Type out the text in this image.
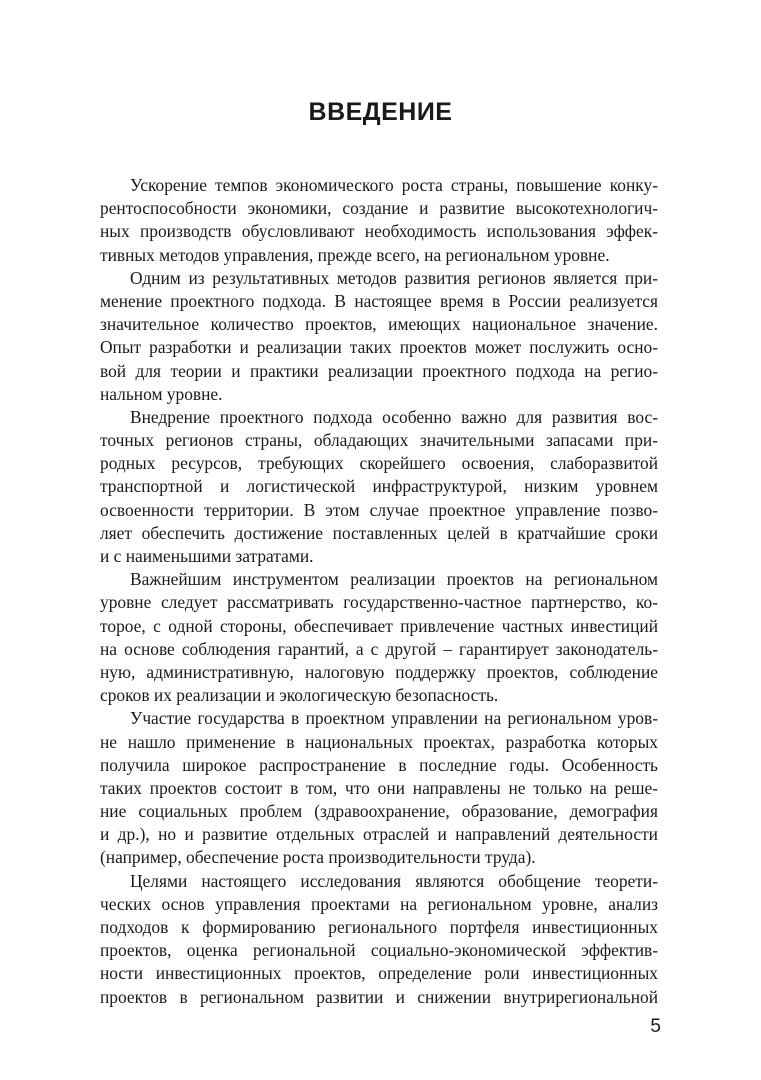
ВВЕДЕНИЕ
Ускорение темпов экономического роста страны, повышение конку-
рентоспособности экономики, создание и развитие высокотехнологич-
ных производств обусловливают необходимость использования эффек-
тивных методов управления, прежде всего, на региональном уровне.
Одним из результативных методов развития регионов является при-
менение проектного подхода. В настоящее время в России реализуется
значительное количество проектов, имеющих национальное значение.
Опыт разработки и реализации таких проектов может послужить осно-
вой для теории и практики реализации проектного подхода на регио-
нальном уровне.
Внедрение проектного подхода особенно важно для развития вос-
точных регионов страны, обладающих значительными запасами при-
родных ресурсов, требующих скорейшего освоения, слаборазвитой
транспортной и логистической инфраструктурой, низким уровнем
освоенности территории. В этом случае проектное управление позво-
ляет обеспечить достижение поставленных целей в кратчайшие сроки
и с наименьшими затратами.
Важнейшим инструментом реализации проектов на региональном
уровне следует рассматривать государственно-частное партнерство, ко-
торое, с одной стороны, обеспечивает привлечение частных инвестиций
на основе соблюдения гарантий, а с другой – гарантирует законодатель-
ную, административную, налоговую поддержку проектов, соблюдение
сроков их реализации и экологическую безопасность.
Участие государства в проектном управлении на региональном уров-
не нашло применение в национальных проектах, разработка которых
получила широкое распространение в последние годы. Особенность
таких проектов состоит в том, что они направлены не только на реше-
ние социальных проблем (здравоохранение, образование, демография
и др.), но и развитие отдельных отраслей и направлений деятельности
(например, обеспечение роста производительности труда).
Целями настоящего исследования являются обобщение теорети-
ческих основ управления проектами на региональном уровне, анализ
подходов к формированию регионального портфеля инвестиционных
проектов, оценка региональной социально-экономической эффектив-
ности инвестиционных проектов, определение роли инвестиционных
проектов в региональном развитии и снижении внутрирегиональной

5
